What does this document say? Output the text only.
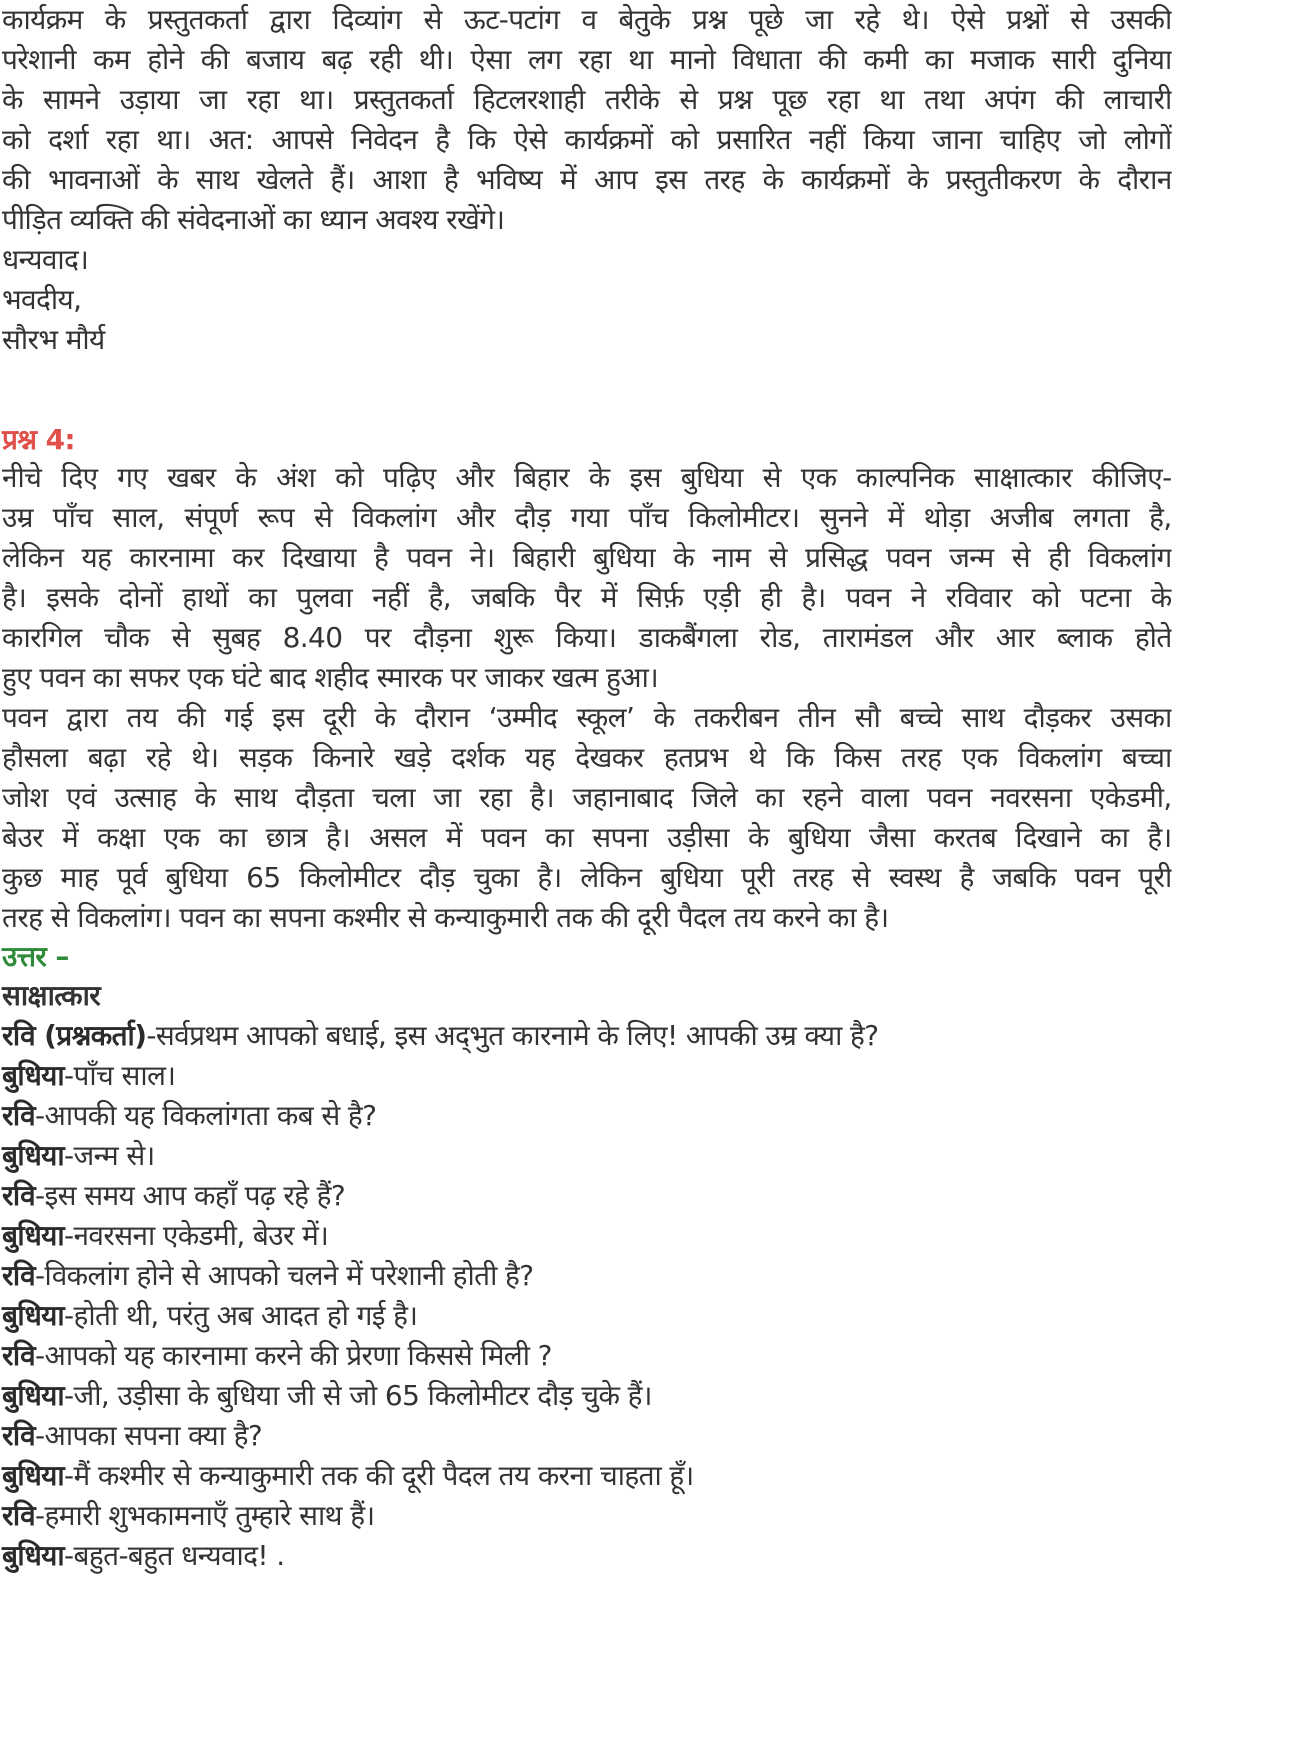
कार्यक्रम के प्रस्तुतकर्ता द्वारा दिव्यांग से ऊट-पटांग व बेतुके प्रश्न पूछे जा रहे थे। ऐसे प्रश्नों से उसकी
परेशानी कम होने की बजाय बढ़ रही थी। ऐसा लग रहा था मानो विधाता की कमी का मजाक सारी दुनिया
के सामने उड़ाया जा रहा था। प्रस्तुतकर्ता हिटलरशाही तरीके से प्रश्न पूछ रहा था तथा अपंग की लाचारी
को दर्शा रहा था। अत: आपसे निवेदन है कि ऐसे कार्यक्रमों को प्रसारित नहीं किया जाना चाहिए जो लोगों
की भावनाओं के साथ खेलते हैं। आशा है भविष्य में आप इस तरह के कार्यक्रमों के प्रस्तुतीकरण के दौरान
पीड़ित व्यक्ति की संवेदनाओं का ध्यान अवश्य रखेंगे।
धन्यवाद।
भवदीय,
सौरभ मौर्य
प्रश्न 4:
नीचे दिए गए खबर के अंश को पढ़िए और बिहार के इस बुधिया से एक काल्पनिक साक्षात्कार कीजिए-
उम्र पाँच साल, संपूर्ण रूप से विकलांग और दौड़ गया पाँच किलोमीटर। सुनने में थोड़ा अजीब लगता है,
लेकिन यह कारनामा कर दिखाया है पवन ने। बिहारी बुधिया के नाम से प्रसिद्ध पवन जन्म से ही विकलांग
है। इसके दोनों हाथों का पुलवा नहीं है, जबकि पैर में सिर्फ़ एड़ी ही है। पवन ने रविवार को पटना के
कारगिल चौक से सुबह 8.40 पर दौड़ना शुरू किया। डाकबैंगला रोड, तारामंडल और आर ब्लाक होते
हुए पवन का सफर एक घंटे बाद शहीद स्मारक पर जाकर खत्म हुआ।
पवन द्वारा तय की गई इस दूरी के दौरान ‘उम्मीद स्कूल’ के तकरीबन तीन सौ बच्चे साथ दौड़कर उसका
हौसला बढ़ा रहे थे। सड़क किनारे खड़े दर्शक यह देखकर हतप्रभ थे कि किस तरह एक विकलांग बच्चा
जोश एवं उत्साह के साथ दौड़ता चला जा रहा है। जहानाबाद जिले का रहने वाला पवन नवरसना एकेडमी,
बेउर में कक्षा एक का छात्र है। असल में पवन का सपना उड़ीसा के बुधिया जैसा करतब दिखाने का है।
कुछ माह पूर्व बुधिया 65 किलोमीटर दौड़ चुका है। लेकिन बुधिया पूरी तरह से स्वस्थ है जबकि पवन पूरी
तरह से विकलांग। पवन का सपना कश्मीर से कन्याकुमारी तक की दूरी पैदल तय करने का है।
उत्तर –
साक्षात्कार
रवि (प्रश्नकर्ता)-सर्वप्रथम आपको बधाई, इस अद्‌भुत कारनामे के लिए! आपकी उम्र क्या है?
बुधिया-पाँच साल।
रवि-आपकी यह विकलांगता कब से है?
बुधिया-जन्म से।
रवि-इस समय आप कहाँ पढ़ रहे हैं?
बुधिया-नवरसना एकेडमी, बेउर में।
रवि-विकलांग होने से आपको चलने में परेशानी होती है?
बुधिया-होती थी, परंतु अब आदत हो गई है।
रवि-आपको यह कारनामा करने की प्रेरणा किससे मिली ?
बुधिया-जी, उड़ीसा के बुधिया जी से जो 65 किलोमीटर दौड़ चुके हैं।
रवि-आपका सपना क्या है?
बुधिया-मैं कश्मीर से कन्याकुमारी तक की दूरी पैदल तय करना चाहता हूँ।
रवि-हमारी शुभकामनाएँ तुम्हारे साथ हैं।
बुधिया-बहुत-बहुत धन्यवाद! .
